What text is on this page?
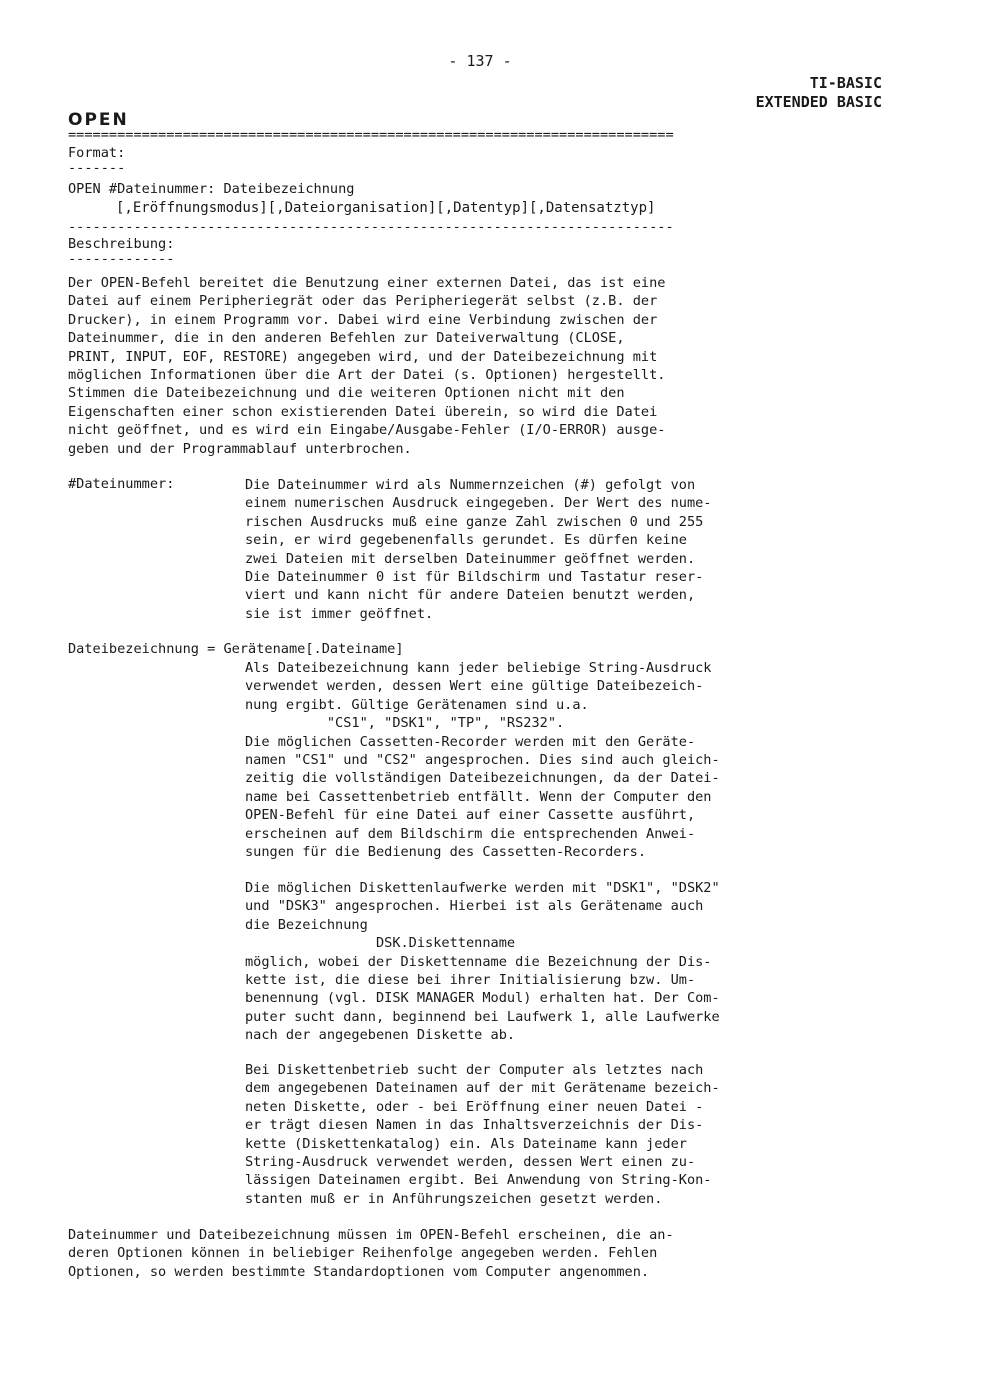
- 137 -
TI-BASIC
EXTENDED BASIC
OPEN
==========================================================================
Format:
-------
OPEN #Dateinummer: Dateibezeichnung
[,Eröffnungsmodus][,Dateiorganisation][,Datentyp][,Datensatztyp]
--------------------------------------------------------------------------
Beschreibung:
-------------
Der OPEN-Befehl bereitet die Benutzung einer externen Datei, das ist eine
Datei auf einem Peripheriegrät oder das Peripheriegerät selbst (z.B. der
Drucker), in einem Programm vor. Dabei wird eine Verbindung zwischen der
Dateinummer, die in den anderen Befehlen zur Dateiverwaltung (CLOSE,
PRINT, INPUT, EOF, RESTORE) angegeben wird, und der Dateibezeichnung mit
möglichen Informationen über die Art der Datei (s. Optionen) hergestellt.
Stimmen die Dateibezeichnung und die weiteren Optionen nicht mit den
Eigenschaften einer schon existierenden Datei überein, so wird die Datei
nicht geöffnet, und es wird ein Eingabe/Ausgabe-Fehler (I/O-ERROR) ausge-
geben und der Programmablauf unterbrochen.
#Dateinummer:	Die Dateinummer wird als Nummernzeichen (#) gefolgt von
einem numerischen Ausdruck eingegeben. Der Wert des nume-
rischen Ausdrucks muß eine ganze Zahl zwischen 0 und 255
sein, er wird gegebenenfalls gerundet. Es dürfen keine
zwei Dateien mit derselben Dateinummer geöffnet werden.
Die Dateinummer 0 ist für Bildschirm und Tastatur reser-
viert und kann nicht für andere Dateien benutzt werden,
sie ist immer geöffnet.
Dateibezeichnung = Gerätename[.Dateiname]
Als Dateibezeichnung kann jeder beliebige String-Ausdruck
verwendet werden, dessen Wert eine gültige Dateibezeich-
nung ergibt. Gültige Gerätenamen sind u.a.
"CS1", "DSK1", "TP", "RS232".
Die möglichen Cassetten-Recorder werden mit den Geräte-
namen "CS1" und "CS2" angesprochen. Dies sind auch gleich-
zeitig die vollständigen Dateibezeichnungen, da der Datei-
name bei Cassettenbetrieb entfällt. Wenn der Computer den
OPEN-Befehl für eine Datei auf einer Cassette ausführt,
erscheinen auf dem Bildschirm die entsprechenden Anwei-
sungen für die Bedienung des Cassetten-Recorders.
Die möglichen Diskettenlaufwerke werden mit "DSK1", "DSK2"
und "DSK3" angesprochen. Hierbei ist als Gerätename auch
die Bezeichnung
DSK.Diskettenname
möglich, wobei der Diskettenname die Bezeichnung der Dis-
kette ist, die diese bei ihrer Initialisierung bzw. Um-
benennung (vgl. DISK MANAGER Modul) erhalten hat. Der Com-
puter sucht dann, beginnend bei Laufwerk 1, alle Laufwerke
nach der angegebenen Diskette ab.
Bei Diskettenbetrieb sucht der Computer als letztes nach
dem angegebenen Dateinamen auf der mit Gerätename bezeich-
neten Diskette, oder - bei Eröffnung einer neuen Datei -
er trägt diesen Namen in das Inhaltsverzeichnis der Dis-
kette (Diskettenkatalog) ein. Als Dateiname kann jeder
String-Ausdruck verwendet werden, dessen Wert einen zu-
lässigen Dateinamen ergibt. Bei Anwendung von String-Kon-
stanten muß er in Anführungszeichen gesetzt werden.
Dateinummer und Dateibezeichnung müssen im OPEN-Befehl erscheinen, die an-
deren Optionen können in beliebiger Reihenfolge angegeben werden. Fehlen
Optionen, so werden bestimmte Standardoptionen vom Computer angenommen.
